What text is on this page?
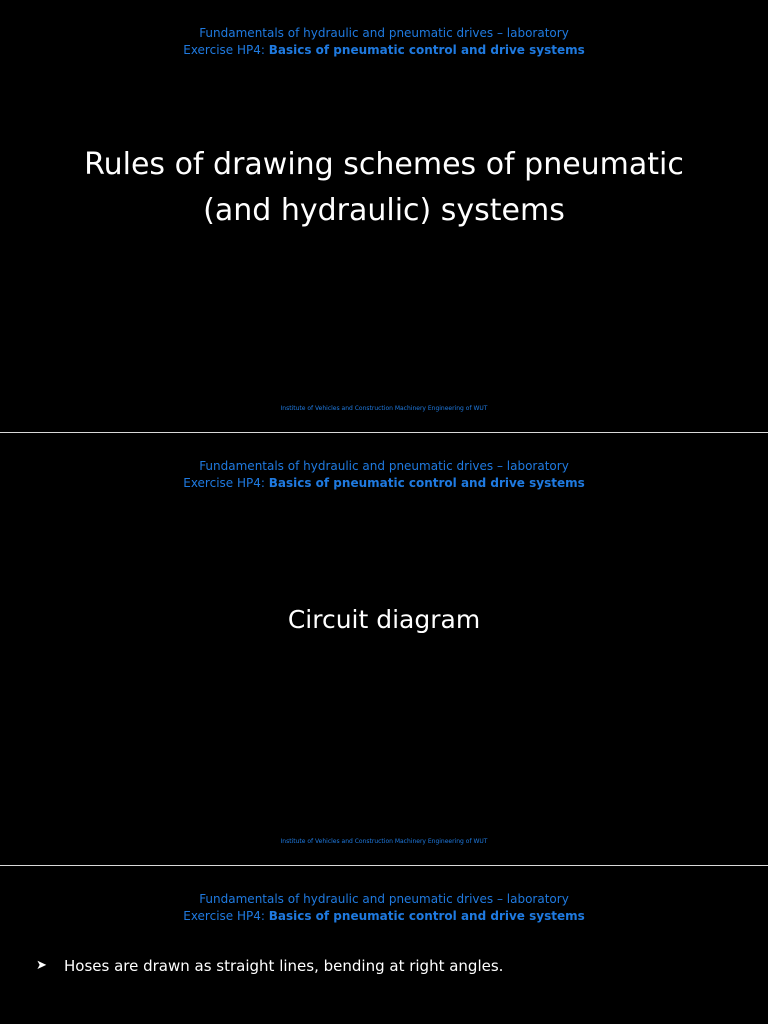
Fundamentals of hydraulic and pneumatic drives – laboratory
Exercise HP4: Basics of pneumatic control and drive systems
Rules of drawing schemes of pneumatic
(and hydraulic) systems
Institute of Vehicles and Construction Machinery Engineering of WUT
Fundamentals of hydraulic and pneumatic drives – laboratory
Exercise HP4: Basics of pneumatic control and drive systems
Circuit diagram
Institute of Vehicles and Construction Machinery Engineering of WUT
Fundamentals of hydraulic and pneumatic drives – laboratory
Exercise HP4: Basics of pneumatic control and drive systems
➤ Hoses are drawn as straight lines, bending at right angles.
